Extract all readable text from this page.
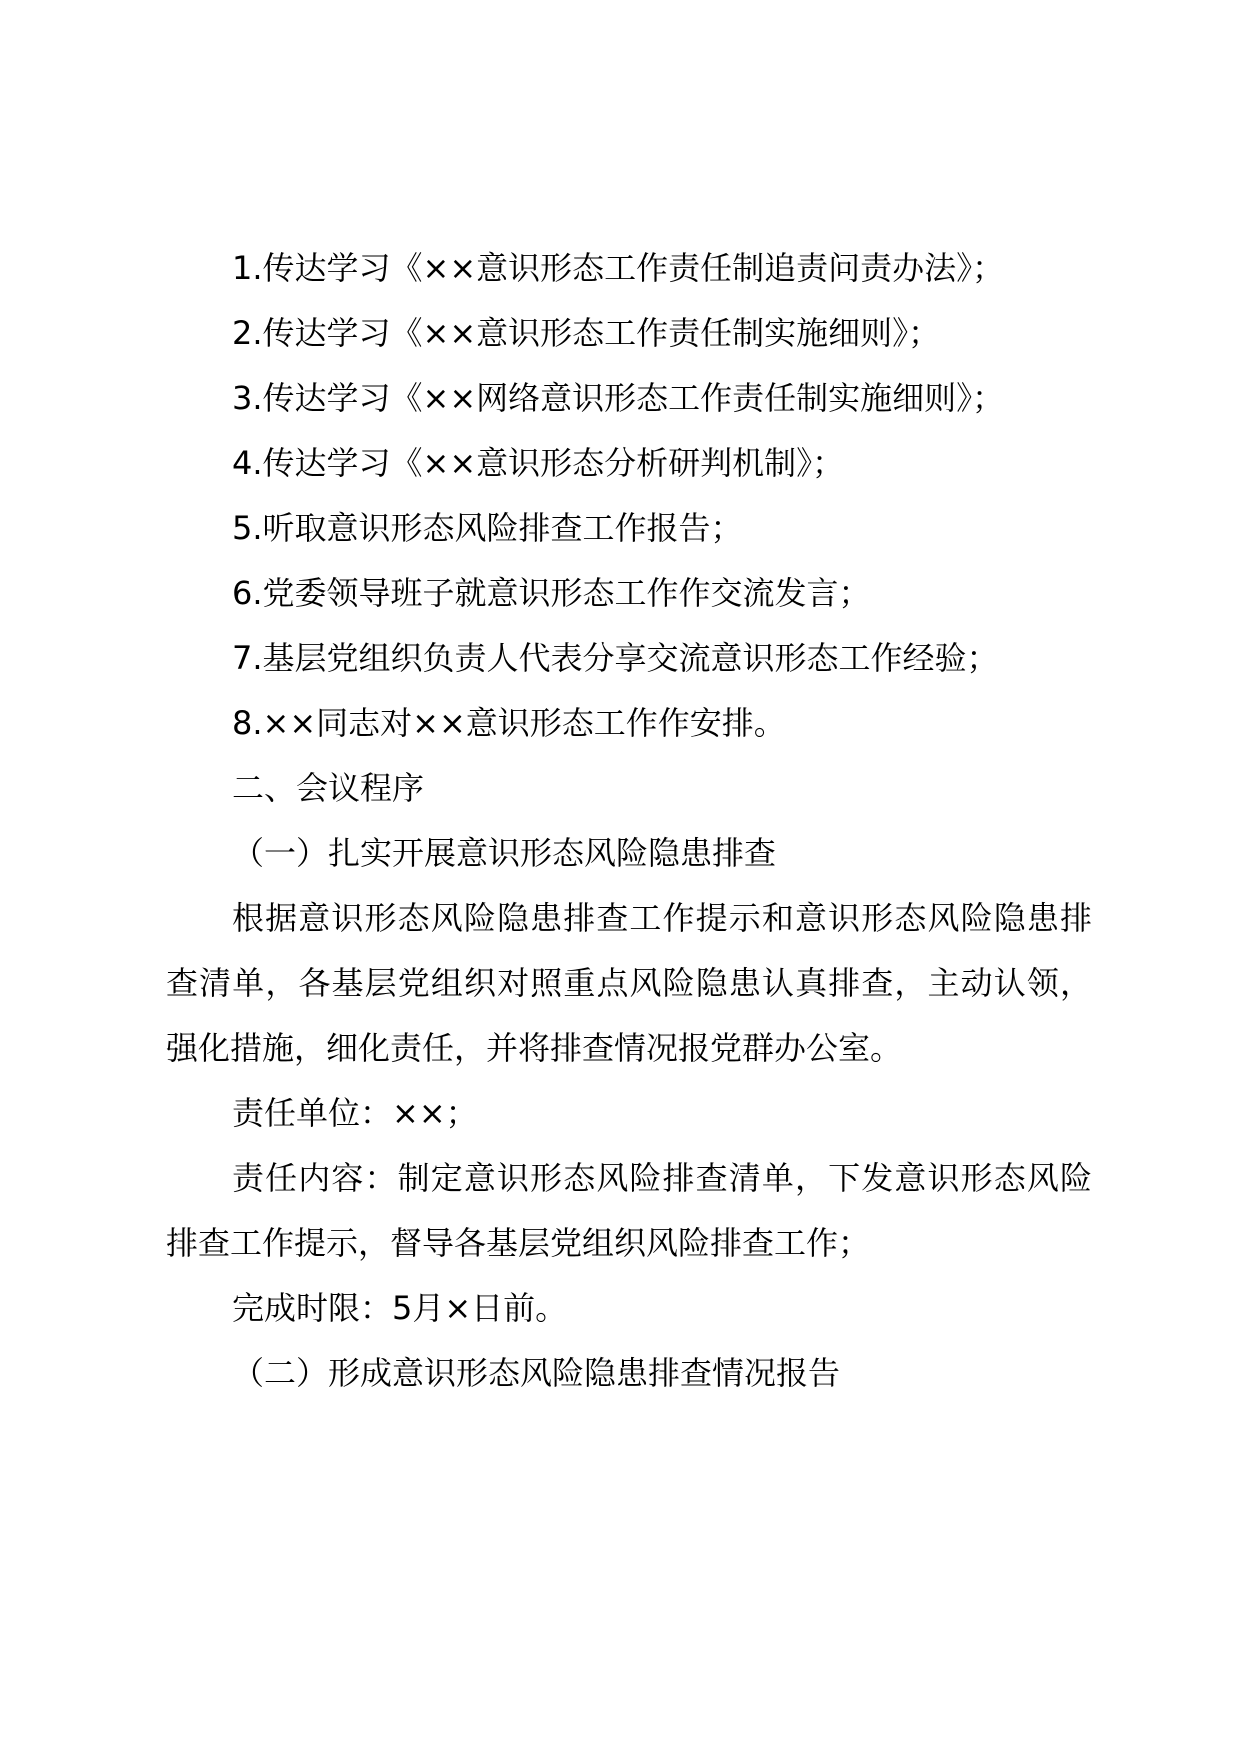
1.传达学习《××意识形态工作责任制追责问责办法》；
2.传达学习《××意识形态工作责任制实施细则》；
3.传达学习《××网络意识形态工作责任制实施细则》；
4.传达学习《××意识形态分析研判机制》；
5.听取意识形态风险排查工作报告；
6.党委领导班子就意识形态工作作交流发言；
7.基层党组织负责人代表分享交流意识形态工作经验；
8.××同志对××意识形态工作作安排。
二、会议程序
（一）扎实开展意识形态风险隐患排查
根据意识形态风险隐患排查工作提示和意识形态风险隐患排查清单，各基层党组织对照重点风险隐患认真排查，主动认领，强化措施，细化责任，并将排查情况报党群办公室。
责任单位：××；
责任内容：制定意识形态风险排查清单，下发意识形态风险排查工作提示，督导各基层党组织风险排查工作；
完成时限：5月×日前。
（二）形成意识形态风险隐患排查情况报告
